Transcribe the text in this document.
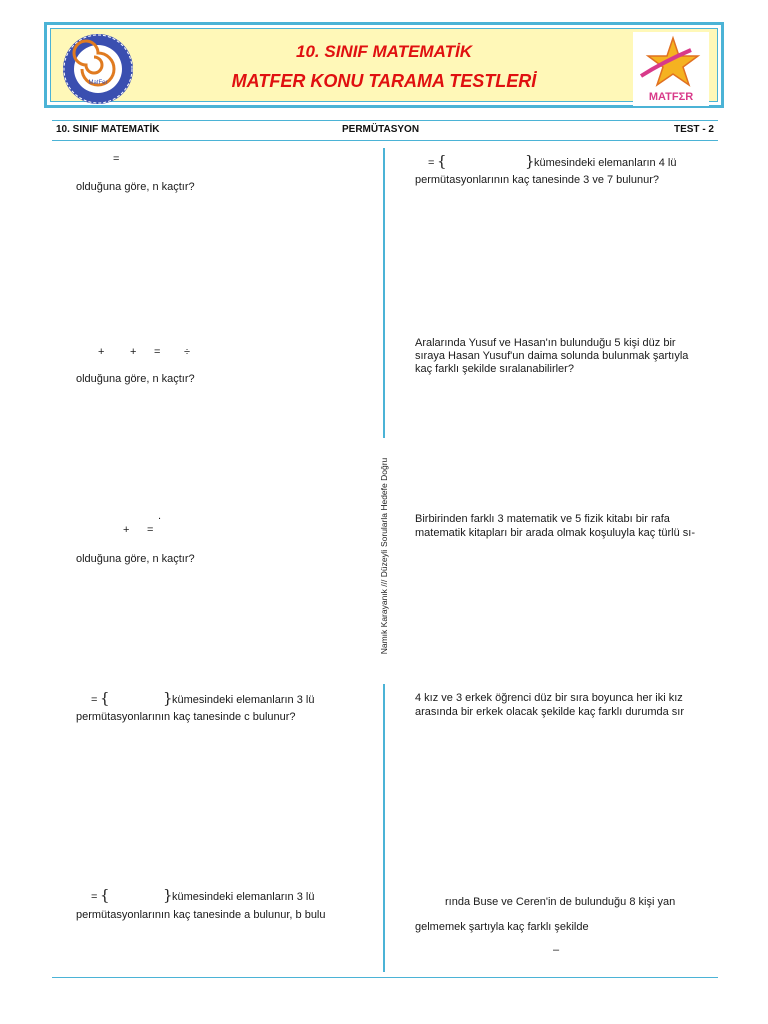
MatFer
10. SINIF MATEMATİK
MATFER KONU TARAMA TESTLERİ
MATFΣR
10. SINIF MATEMATİK	PERMÜTASYON	TEST - 2
Namık Karayanık /// Düzeyli Sorularla Hedefe Doğru
=
olduğuna göre, n kaçtır?
+ + = ÷
olduğuna göre, n kaçtır?
.
+ =
olduğuna göre, n kaçtır?
= {	} kümesindeki elemanların 3 lü
permütasyonlarının kaç tanesinde c bulunur?
= {	} kümesindeki elemanların 3 lü
permütasyonlarının kaç tanesinde a bulunur, b bulu
= {	} kümesindeki elemanların 4 lü
permütasyonlarının kaç tanesinde 3 ve 7 bulunur?
Aralarında Yusuf ve Hasan'ın bulunduğu 5 kişi düz bir
sıraya Hasan Yusuf'un daima solunda bulunmak şartıyla
kaç farklı şekilde sıralanabilirler?
Birbirinden farklı 3 matematik ve 5 fizik kitabı bir rafa
matematik kitapları bir arada olmak koşuluyla kaç türlü sı-
4 kız ve 3 erkek öğrenci düz bir sıra boyunca her iki kız
arasında bir erkek olacak şekilde kaç farklı durumda sır
rında Buse ve Ceren'in de bulunduğu 8 kişi yan
gelmemek şartıyla kaç farklı şekilde
–
